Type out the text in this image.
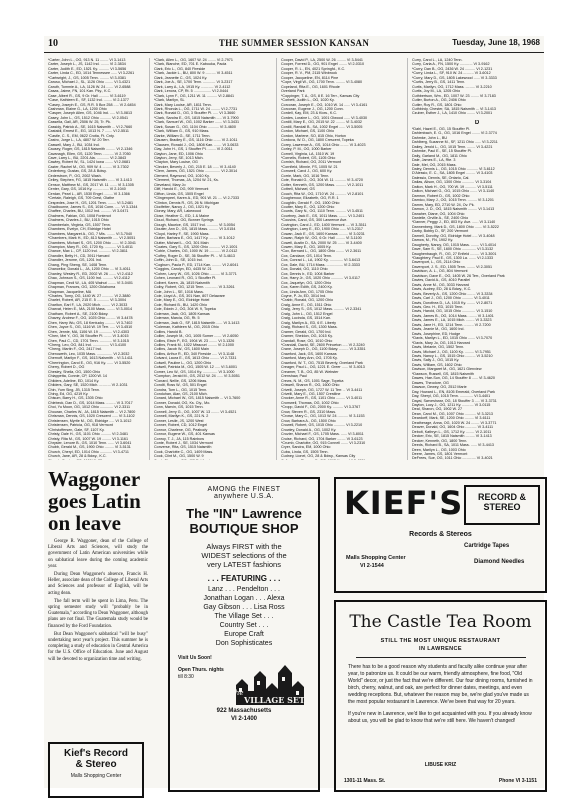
10	THE SUMMER SESSION KANSAN	Tuesday, June 18, 1968
*Carter, John L., OG, 913 N. 11 ........ VI 3-1413
Carter, Joseph L., JS, 1142 Ind. ........ VI 2-3834
Carter, Judith E., ED, 1521 Ky. .......... VI 3-5656
Carter, Linda C., ED, 1014 Tennessee ...... VI 3-2261
*Cartwright, J., GS, 1005 Tenn. ......... VI 3-0381
Caruso, Michael J., SL, 1126 Ohio ........ VI 3-4321
Caruth, Tommie A., LA, 1126 W. 24 ....... VI 2-6588
Casas, Jaime, FN, 101 Kan. Pky., K.C.
Case, Albert R., GS, 9 Gr. Hall .......... VI 3-6119
*Case, Kathleen E., SF, 1132 Ind. ........ VI 2-1377
*Casey, Joseph E., GS, R.R. 5 Box 258 ..... VI 2-6454
Cashman, Elaine G., LA, 1200 Ohio
*Casper, Joseph Allen, GS, 1046 Ind. ..... VI 3-0813
Casey, John L., GS, 1512 Ohio ........... VI 2-0541
Cassella, Gail, AR, 2506 W. 25, Tr. Pk.
Cassidy, Patrick A., SE, 1615 Naismith ... VI 2-7660
Castaldi, Ernest E., EG, 1013 N. 7 ....... VI 2-5511
*Castle, C. S., EM, 0622 Crotia, Ft. Cnty.
Castro, Jorge L., LA, 4807 W. 20 Terr.
Caswell, Mary J., BU, 1034 Ind.
Causey, Roger, GS, 1815 Naismith ......... VI 2-1346
Cavanagh, Ellen, GS, 1120 Tenn. .......... VI 2-7050
Cave, Larry L., BU, 2201 Ala. ............ VI 2-3843
Cawley, Robert W., SL, 1424 Iowa ........ VI 2-0681
Cazier, Rachel M., OG, 909 W. 4 ......... VI 3-7302
Cederberg, Gustav, GS, 28 & Bdwy.
Cederstrom, P., OG, 2002 Wash.
Celley, Stephen, FG, 1815 Naismith ....... VI 3-1413
Censor, Matthew M., GS, 2017 W. 11 ....... VI 3-1305
Center, Gary, GS, 1016 Ky. ............... VI 2-1040
Cerdan, Pearl L., AR, 1530 Engel ......... VI 3-1366
*Certain, Raleigh, GS, 709 Crest, Olathe
Cespedes, Jose H., GS, 1201 Tenn. ........ VI 3-2481
Chadbourne, James S., GS, 1016 Conn. ..... VI 3-1344
Chaffee, Charles, BU, 1012 Ind. .......... VI 3-0471
Chalmers, Fabian, OG, 1008 Fontenot
Chalmers, Charles J., BU, 1015 Ohio
Chamberlain, Virginia, GS, 1507 Tenn.
Chambers, Evelyn, CH, Eldridge Hotel
Chambers, Margaret A., OG, 7 Mis. ........ VI 3-7040
*Chambers, Mark H., ED, 813 Naismith ..... VI 2-5051
Chambers, Michael S., GS, 1200 Ohio ....... VI 2-3041
Champion, Mary R., OG, 1720 Ky. ........... VI 3-4011
Chance, Max L., CP, 1120 Ind. ............ VI 2-3811
Chandler, Betty H., CD, 3911 Harvard
Chandler, Jerome, GS, 1201 Ind.
Chang, Ping Sheng, SE, 1408 Tenn.
Chancellor, Donald L., JA, 1200 Ohio .... VI 3-4011
Chanley, Wesley R., ED, 2002 W. 26 ....... VI 2-4112
Chao, Johnson S., GS, 1100 Ind. .......... VI 2-4112
Chapman, Cecil W., LA, 405 Walnut ........ VI 3-0401
Chapman, Frances, OG, 1200 Oklahoma
Chapman, Jacqueline, MA
*Charles, Tomy, OG, 1440 W. 27 ........... VI 2-3880
Charlet, Robert, AR, 215 E. 5 ............ VI 3-3004
Charlton, Earl F., LA, 2020 Mich. ........ VI 2-3033
Charvat, Helen E., MA, 2100 Mass. ........ VI 3-0014
Chatham, Robert A., SE, 2100 Bdwy.
Chavey, Andrew F., OG, 1025 Ohio ......... VI 3-4478
Chen, Harry Wu, GS, 18 Kentucky .......... VI 3-7402
Chen, Joyce S., OG, 1116 W. 19 Terr. ..... VI 3-4510
Chen, Jennie, MA, 1106 W. 19 ............. VI 2-4303
*Chen, Mei Y., OG, 36 Stouffer Pl. ....... VI 3-4015
Chen, Paul C., CD, 1701 Tenn. ............ VI 3-1015
*Cheng, Leo, OG, 841 Ind. ................ VI 3-4100
*Cheng, Martin F., OG, 2417 Ind.
Chenoweth, Leo, 1035 Mass. ............... VI 2-3032
Chernoff, Marilyn F., GS, 1613 Naismith .. VI 3-1411
*Cherrington, Carol E., OG, 916 Ky. ...... VI 3-5520
Cherry, Robert D., OG
Chesley, Sheila, OG, 1500 Ohio
Chiappetta, Connie, CP, 1200 W. 14
Childers, Adeline, ED, 1014 Ky.
Childers, Gary, SE, 1520 Mich. ........... VI 2-1031
Chin, Yum Sing, JB, 1315 Tenn.
Ching, Ed, OG, 4219 Ky.
Chisum, Barry H., GS, 1305 Ohio
Chlebeck, Dan D., GS, 1014 Mass. ......... VI 3-7017
Choi, Yu Moon, OG, 1012 Ohio ............. VI 2-3311
Chouran, Charles W., JA, 1815 Naismith ... VI 2-7800
Chrisman, Dennis, GS, 1020 Crescent ...... VI 3-1102
Christensen, Myrtle M., OG, Eldridge ..... VI 3-1012
Christensen, Patricia, OG, 918 Vermont
*Christoffersen, Gale, SF, 1107 Ky.
Christy, Dale H., GS, 1101 Ohio .......... VI 2-3481
Christy, Rita M., GS, 1007 W. 19 ......... VI 3-1161
Chrysler, Lenore B., GS, 1010 Tenn. ...... VI 3-6041
Chubb, Gerald M., GS, 1900 Ohio ......... VI 3-5131
Church, Cheryl, ED, 1014 Ohio ............ VI 3-4711
Church, Jane, AR, 28 & Bdwy., K.C.
*Clark, Allen L., OG, 1607 W. 24 ........ VI 2-7971
*Clark, Blanche, ED, 701 E. Kabouka, Paola
Clark, Eric L., OG, 840 Fireside
*Clark, Jackie L., BU, 800 W. 9 .......... VI 3-4511
Clark, Jeanette C., GS, 1024 Ky.
Clark, Joe A., SE, 1700 Tenn. ............ VI 3-2317
Clark, Larry A., LA, 1915 Ky. ............ VI 2-4112
Clark, Lenora, CP, Rt. 5 ................. VI 2-0444
*Clark, Lynn F., OG, 1211 W. 11 .......... VI 2-8841
*Clark, Marilyn, SL
Clark, Mary Louise, AR, 1811 Tenn.
Clark, Rhonda L., OG, 1711 W. 24 ......... VI 2-7731
Clark, Ronald D., OG, 3 Stouffer Pl. ..... VI 3-3660
*Clark, Sandra E., GS, 1815 Naismith ..... VI 3-7900
*Clark, Samuel W., OG, 1002 Barker ....... VI 3-3431
Clark, Susan G., OG, 1104 Ohio ........... VI 3-4600
*Clark, William G., GS, 910 Mass.
Clarke, William G., SE, 1711 Tenn.
Clausen, Bradley E., GS, 1116 Ohio ....... VI 2-1011
*Clausen, Ronald J., OG, 1808 Kan. ....... VI 3-0633
Clay, John H., GS, 1 Stouffer Pl. ........ VI 2-0011
Clayton, Jane, ED, 1006 Ohio
Clayton, Jerry, SE, 1013 Mich.
*Clayton, Mary Louise, OG
*Clecker, Beverly J., OG, 215 E. 18 ...... VI 3-4140
*Clem, James, OG, 1521 Ohio ............... VI 2-3014
Clement, Raymond, OG, 1010 Ky.
*Clement, Thomas, JA, 1204 W. 21, Ks.
Cleveland, Mary Jo
Cliff, Harold E., OG, 909 Vermont
Clifton, Linda, GS, 1505 Engel
*Clingenpeel, Karen A., ED, 901 W. 21 .... VI 2-7333
*Clinton, Dennis R., GS, 26 N. Michigan
Clodfelter, Nancy J., OG, 1021 Ky.
Cloney, Mary, AR, Lakewood
Close, Heather C., ED, 1 & Maine
Cloud, Richard, OG, Bonner Springs
Clough, Maurice, GS, 1517 Ind. ........... VI 3-0054
Cloutier, Ann D., GS, 1815 Mass. ......... VI 3-0154
*Cloyd, Harley F., SE, 1900 Mass.
Clutter, Barbara E., OG, 1417 Ky. ........ VI 3-1012
Clutter, Michael L., OG, 301 Main
*Coates, Gary S., GS, 1200 Ohio ........... VI 2-1001
*Coble, Charles, OG, 1000 W. 19 ........... VI 2-0112
*Coffey, Roger D., SE, 36 Stouffer Pl. .. VI 3-4613
Coffin, John D., SE, 1015 Ind.
*Cogburn, Paula P., ED, 1714 Kan. ......... VI 2-6041
*Coggins, Carolyn, ED, 4435 W. 21
*Cohen, Larry W., GS, 1026 Ohio .......... VI 3-3771
Cohen, Leonard R., OG, 1 Stouffer Pl.
Colbert, Karen, JA, 1815 Naismith
Colby, Robert, OG, 1215 Tenn. ............ VI 3-3261
Cole, John L., SE, 1016 Mass.
Cole, Lloyd A., GS, 301 Nan, 807 Delaware
Cole, Mary E., OG, Eldridge Hotel
Cole, Richard B., BU, 1420 Ohio
Cole, Edwin J., OG, 304 W. 9, Topeka
Coleman, Jack, OG, 1805 Kansas
Coleman, Marcia, OG, Rt. 5
Coleman, Jack O., SF, 1815 Naismith ...... VI 3-1413
*Coleman, Kathleen M., OG, 2015 Ohio
Collins, Harold B.
Collier, Joseph M., OG, 1005 Somer ....... VI 2-6050
Collins, Elwin P., EG, 1904 W. 23 ........ VI 3-1326
Collins, Frank M., 1022 Missouri ......... VI 2-1000
Collins, Jacob W., GS, 1600 Main
Collins, Arthur R., ED, 340 Fireside ..... VI 3-1148
Colvard, Laura E., GS, 1613 Ohio ......... VI 2-7331
Colwell, Pauline L., OG, 1200 Ohio
Colwell, Patricia M., OG, 1505 W. 12 ..... VI 3-6001
Comer, Leo W., GS, 1014 Ky. .............. VI 3-1000
*Compton, Jerald M., GS, 2012 W. 24 ...... VI 3-5051
*Conard, Nellie, GS, 1206 Mass.
Condit, Ross W., GS, 501 Engel
Condra, Tom L., OG, 1015 Tenn.
Conduhan, Alan, GS, 2100 Mich.
Conard, Michael W., GS, 1815 Naismith ... VI 3-7600
Conner, Donald, OG, Ks. Cty., Mo.
Conn, Marvin, GS, 1015 Tenn.
Connell, Jerry G., OG, 1007 W. 13 ........ VI 3-4521
Connell, Marilyn K., GS, 221 N. 2
Conner, Lesile, JS, 1200 West
Conner, Robert, CD, 1012 Engel
Connor, Charlene, OG, Peabody
Connor, Eugene W., GS, 401 Kansas
Conroy, T. J., JA, 115 Rainbow
Conte, Robert J., SE, 1034 Vermont
Converse, Rita, GS, 1515 Naismith
Cook, Charlotte C., OG, 1409 Mass.
Cook, Clint M., OG, 1500 W. 9
Cooper, David P., LA, 2500 W. 26 ......... VI 3-5441
Cooper, Forrest D., OG, 901 Engel ........ VI 2-0310
Cooper, R. L., EN, 4021 Springfd., K.C.
Cooper, R. V., PM, 2115 Winbrook
Cooper, Jacqueline, EN, 8114 Pine
*Cope, Virgil W., OG, 1700 Tenn. ......... VI 3-4080
Copeland, Rita E., OG, 1601 Rhode
Overland Park
*Coppinger, T. A., GS, 8 E. 16 Terr., Kansas City
*Corbett, Judith L., OG, 1020 Ky.
Corcoran, Joseph E., OG, 1010 W. 14 ...... VI 3-4161
Corcoran, Eugene J., OG, 1200 Conn.
Cordell, Kay, EM, 23 & Kiow., K.C.
Cordes, Loraine L., OG, 1001 Olwood ...... VI 3-4030
Cordill, Mary E., OG, 2015 W. 22 ......... VI 3-4032
Cordill, Randall B., SA, 1002 Engel ...... VI 3-5005
Cordon, Michael, GS, 1100 Ohio
Cordon, Marlene, SO, 815 Ohio, Horton
Cordova, W. D., OG, 1800 Crescent, Topeka
Corey, Lawrence A., GS, 1014 Ohio ........ VI 3-4023
Corley, P. M., OG, 1000 Barker
Cornell, Virginia, LA, 1510 W. 19
*Cornelis, Robert, GS, 1105 Ohio
Cornish, Richard, OG, 2011 Vermont
*Cornfield, Minnie, FS, 1005 W. 21
Cornwell, Carol J., OG, 600 Ky.
Corrie, Mark, OG, 1016 Tenn.
Cote, Ronald G., OG, 304 W. 11 ........... VI 3-4720
Cotter, Kenneth, GS, 1200 Mass. .......... VI 2-1011
Cottrell, Michael, GS
Couch, Rita W., OG, 1710 W. 24 ........... VI 2-8101
Coughenour, Elizabeth, OG, R.R. 1
Coughlin, Gerald F., OG, 1500 Ohio
Coulter, Mary E., OG, 1200 Ohio
Counts, Gary N., OG, 1110 Tenn. .......... VI 3-4511
Courtney, Jack E., GS, 1011 Mass. ........ VI 3-2401
*Cousins, Carol, GS, 300 Lawrence Ave.
Covington, Carol J., ED, 1400 Vermont .... VI 3-3511
Covington, Larry E., ED, 1900 Ohio ...... VI 3-2317
Cowan, Jack E., GS, 1600 Kansas ......... VI 3-0231
Cowan, Ralph W., OG, 6 Gr. Hall ......... VI 3-1100
Cowell, Austin D., SA, 2000 W. 25 ....... VI 3-4400
Cowen, Mary E., OG, 1005 Ky.
*Cox, Bernard L., OG, 1800 Ohio ........ VI 2-3611
Cox, Candace, GS, 1014 Tenn.
Cox, Conrad L., LA, 1902 Ky. ............. VI 3-6413
Cox, Dale, BU, 1714 Mass. ................ VI 2-3333
Cox, Donald, OG, 1110 Ohio
Cox, Dennis Ir., ED, 1004 Barker
Cox, Harry Jr., GS, 1020 Ohio ............ VI 3-0117
Cox, Jaquelyn, OG, 1200 Ohio
Cox, Karen Edith, GS, 2400 Ky.
Cox, Linda Ann, OG, 1705 Ohio
Coyne, P. Jo, ED, 3014 Ind.
*Crabb, Ronald, OG, 1200 Ohio
Craig, Anne E., OG, 1511 Ohio
Craig, Jerry S., GS, 1012 Mass. .......... VI 2-3341
Craig, John L., OG, 1512 Engel
Craig, Lucinda, GS, 1514 Kan.
Craig, Marilyn A., ED, 6 E. Liberty
Craig, Richard S., GS, 1300 Mass.
Cramer, Gerald, OG, 1700 Ind.
Cramer, Sheldon, OG, 1015 Ky.
Crandall, Rose, OG, 1010 Ohio
*Crandall, David, SE, 2600 Princeton ..... VI 2-3240
Crane, Joseph D., OG, 1100 Bdwy. ......... VI 3-3351
Crawford, Jack, GS, 1600 Kansas
Crawford, Mary Ann, OG, 1705 Ky.
Crawford, W. T., OG, 7515 Beverly, Overland Park
Creager, Paul L., OG, 1221 E. Greer ...... VI 3-4013
Creamer, T. B., OG, 85 W. Webster
Crenshaw, Paul
Crews, N. M., GS, 1001 Sage, Topeka
Criswell, Sharon R., OG, 1600 Ohio
Crivelli, Joseph, OG, 1727 W. 11 Terr. .. VI 3-4411
Crivelli, Mary E., OG, 1507 Crestline
Crocker, Anne R., GS, 1101 Ohio ......... VI 3-4011
Cromwell, Thomas, OG, 1002 Ohio
*Cropp, David F., OG, 2000 Ky. .......... VI 3-3767
Crow, Steven R., GS, 2310 Mass.
*Crowe, Mary C., OG, 1013 W. 24 .......... VI 3-1153
Crow, Barbara A., OG, 1500 Ohio
Crowell, Robert, GS, 1015 Ohio ........... VI 3-2210
Crowley, Donald A., OG, 1002 Ky.
Crozier, Michael F., GS, 1705 Mass. ...... VI 3-8011
Cruise, Richard, OG, 1704 Barker ........ VI 3-6123
*Crumb, Charlotte, OG, 915 Connell ....... VI 3-2310
Cryer, Sandra, EM, 1000 Ohio
Cuba, Linda, GS, 1505 Tenn.
Cudney, Lionel, OG, 28 & Bdwy., Kansas City
Curry, Carol L., LA, 1240 Tenn.
Curry, Carla A., FN, 1500 Ky. ............ VI 3-9162
*Curry, Dan B., OG, 2436 W. 24 .......... VI 2-1231
*Curry, Linda L., SF, 910 W. 24 .......... VI 3-6012
*Curry, Mary D., GS, 1805 Lakewood ...... VI 3-3333
*Curtis, Jerry B., GS, 1411 Tenn.
Curtis, Marilyn, OG, 1712 Mass. ......... VI 3-2210
Curtis, Joy M., LA, 1205 Ohio
Cuthbertson, Wm., ED, 1007 W. 23 ........ VI 3-7183
Cutler, Burton A., OG, 2406 Ohio
Cutler, Roy R., GS, 1801 Ohio
Cuthbirdy, Chester, SA, 1815 Naismith ... VI 3-1413
Czuber, Esther J., LA, 1410 Ohio ........ VI 3-2001
D
*Dahl, Hazel E., OG, 15 Stouffer Pl.
Dahlenbach, E. G., OG, 1016 Engel ........ VI 2-3774
Dahmke, John L., BU
Dahlberg, Suzanne M., SF, 1211 Ohio ...... VI 3-2211
Dailey, Jerold L., OG, 1015 Tenn. ........ VI 3-4221
Dahmke, Paul E., SE, 15 Stouffer Pl.
Daily, Garland M., OG, 1811 Ohio
Dale, James E., LA, Rte. 3
Dale, Mel, OG, 2015 Mass.
Daley, Dennis L., OG, 1015 Ohio ........... VI 3-6112
D'Alessio, E. C., SA, 1805 Engel ......... VI 3-4103
Dalessio, Dennis, SE, Ontario, Cal.
Dallas, Alison, OG, 1300 Ohio ............ VI 3-3104
Dalton, Mark H., OG, 700 W. 19 ........... VI 3-5111
Dalton, Michael G., OG, 1015 Ohio ....... VI 3-1140
Damron, Robert D., GS, 1002 Ohio
Damico, Mary J., OG, 1015 Tenn. ......... VI 3-1201
Damm, Mary, ED, 2710 W. 24, Ov. Pk.
Damon, J. D., OG, 1815 Naismith ......... VI 3-1413
Danaher, Diane, OG, 1004 Ohio
Danielle, Orville A., SE, 2400 Ohio
*Danner, Peggy J., ED, 803 Ky. Ave. ...... VI 3-1140
Dannenberg, Mark D., GS, 1800 Ohio ....... VI 3-5222
Darby, Bobby D., SF, 200 Vermont
Darnell, Dorothy, OG, Eldridge Hotel ..... VI 3-4048
Darrow, M., FN, 1902 Ky.
Daugherty, Nancy, OG, 1015 Mass. ........ VI 3-4014
Dave, Sam S., SE, 1600 Ohio .............. VI 3-3132
Daughenbaugh, R., OG, 27 Enfield ......... VI 3-3001
*Daughtery, Paul E., GS, 1300 La. ....... VI 2-1333
Davenport, L., GS, 2114 Ohio
Davenport, J. S., ED, 1505 Tenn. ........ VI 2-3051
Davidson, A. L., OG, 804 Vermont
Davidson, Dave E., OG, 1405 W. 26 Terr., Overland Park
Davies, David A., GS, 4010 Parallel
Davis, Anne M., OG, 3033 Harvard
Davis, Audrey, ED, 28 & Bdwy., K.C.
Davis, Beverly A., GS, 1200 Ohio ........ VI 3-3334
Davis, Carl J., OG, 1200 Ohio ........... VI 3-4011
Davis, Dorothea D., LA, 1015 Ky. ........ VI 2-8071
Davis, Geo. H., ED, 1015 Tenn.
Davis, Harold, OG, 1015 Ohio ............. VI 3-1510
Davis, James B., OG, 1014 Mass. ........ VI 3-1401
Davis, James E., LA, 1015 Mich. ........ VI 3-3323
Davis, Jane H., ED, 1214 Tenn. ......... VI 2-7200
Davis, Jeanie M., OG, 1600 Ind.
Davis, Josephine, ED, Hodge
*Davis, Marilyn L., ED, 1015 Ohio ....... VI 3-7070
*Davis, Mary Jo, OG, 1013 Harvard
Davis, Melanie, OG, 1502 Tenn.
Davis, Michael J., OG, 1100 Ky. ......... VI 3-7951
Davis, Nancy L., GS, 1515 Ohio .......... VI 3-5210
Davis, Sally J., OG, 1015 Ky.
Davis, William, GS, 1602 Ohio
Davison, Margaret M., OG, 1621 Glenview
*Dawson, Russell, GS, 1815 Naismith
Dawes, Hae-Sun, OG, 14 Stouffer 8 ...... VI 3-4620
Dawes, Theodore, OG
Dawson, Dewey, OG, 2512 Marie
Day, Howard L., EN, 8105 Emerald, Overland Park
Day, Sheryl, OG, 1015 Tenn. ............. VI 3-4401
Dayal, Sarveshwar, OG, 18 Stouffer 3 ..... VI 3-3731
Dayton, Lucy J., OG, 1211 Ky. ........... VI 3-0115
Deal, Sharon, OG, 1902 W. 27
Dean, Carol M., OG, 1007 Ohio ........... VI 3-3213
Deardorff, Mark, SE, 1200 Ohio ......... VI 3-6111
Deatherage, Anna, OG, 1020 W. 24 ........ VI 3-3771
Deaver, Donald, OG, 1604 Ohio ........... VI 3-4111
Debolt, Kathryn L., GS, 1712 Ky. ........ VI 2-1011
Decker, Eric, SE, 1815 Naismith ......... VI 3-1413
Decker, Kenneth, OG, 1800 Tenn.
Deeds, Richard B., SA, 1011 Mass. ...... VI 3-4413
Deen, Marilyn L., OG, 1003 Ohio
Deere, James, GS, 1801 Vermont
DeFrees, Sue, OG, 1011 Ohio ............. VI 3-4021
Waggoner goes Latin on leave

George R. Waggoner, dean of the College of Liberal Arts and Sciences, will study the government of Latin American universities while on sabbatical leave during the coming academic year.

During Dean Waggoner's absence, Francis H. Heller, associate dean of the College of Liberal Arts and Sciences and professor of English, will be acting dean.

The fall term will be spent in Lima, Peru. The spring semester study will "probably be in Guatemala," according to Dean Waggoner, although plans are not final. The Guatemala study would be financed by the Ford Foundation.

But Dean Waggoner's sabbatical "will be busy" undertaking next year's project. This summer he is completing a study of education in Central America for the U.S. Office of Education. June and August will be devoted to organization time and writing.

Kief's Record
& Stereo
Malls Shopping Center
AMONG the FINEST
anywhere U.S.A.
The "IN" Lawrence
BOUTIQUE SHOP
Always FIRST with the
WIDEST selections of the
very LATEST fashions
. . . FEATURING . . .
Lanz . . . Pendelton . . .
Jonathan Logan . . . Alexa
Gay Gibson . . . Lisa Ross
The Village Set . . .
Country Set . . .
Europe Craft
Don Sophisticates
Visit Us Soon!
Open Thurs. nights
till 8:30
the
VILLAGE SET
922 Massachusetts
VI 2-1400
KIEF'S	RECORD &
STEREO
Records & Stereos
Cartridge Tapes
Malls Shopping Center
VI 2-1544
Diamond Needles
The Castle Tea Room
STILL THE MOST UNIQUE RESTAURANT
IN LAWRENCE

There has to be a good reason why students and faculty alike continue year after year, to patronize us. It could be our warm, friendly atmosphere, fine food, "Old World" decor, or just the fact that we're different. Our four dining rooms, furnished in birch, cherry, walnut, and oak, are perfect for dinner dates, meetings, and even wedding receptions. But, whatever the reason may be, we're glad you've made us the most popular restaurant in Lawrence. We've been that way for 20 years.

If you're new in Lawrence, we'd like to get acquainted with you. If you already know about us, you will be glad to know that we're still here. We haven't changed!

LIBUSE KRIZ
1301-11 Mass. St.	Phone VI 3-1151
